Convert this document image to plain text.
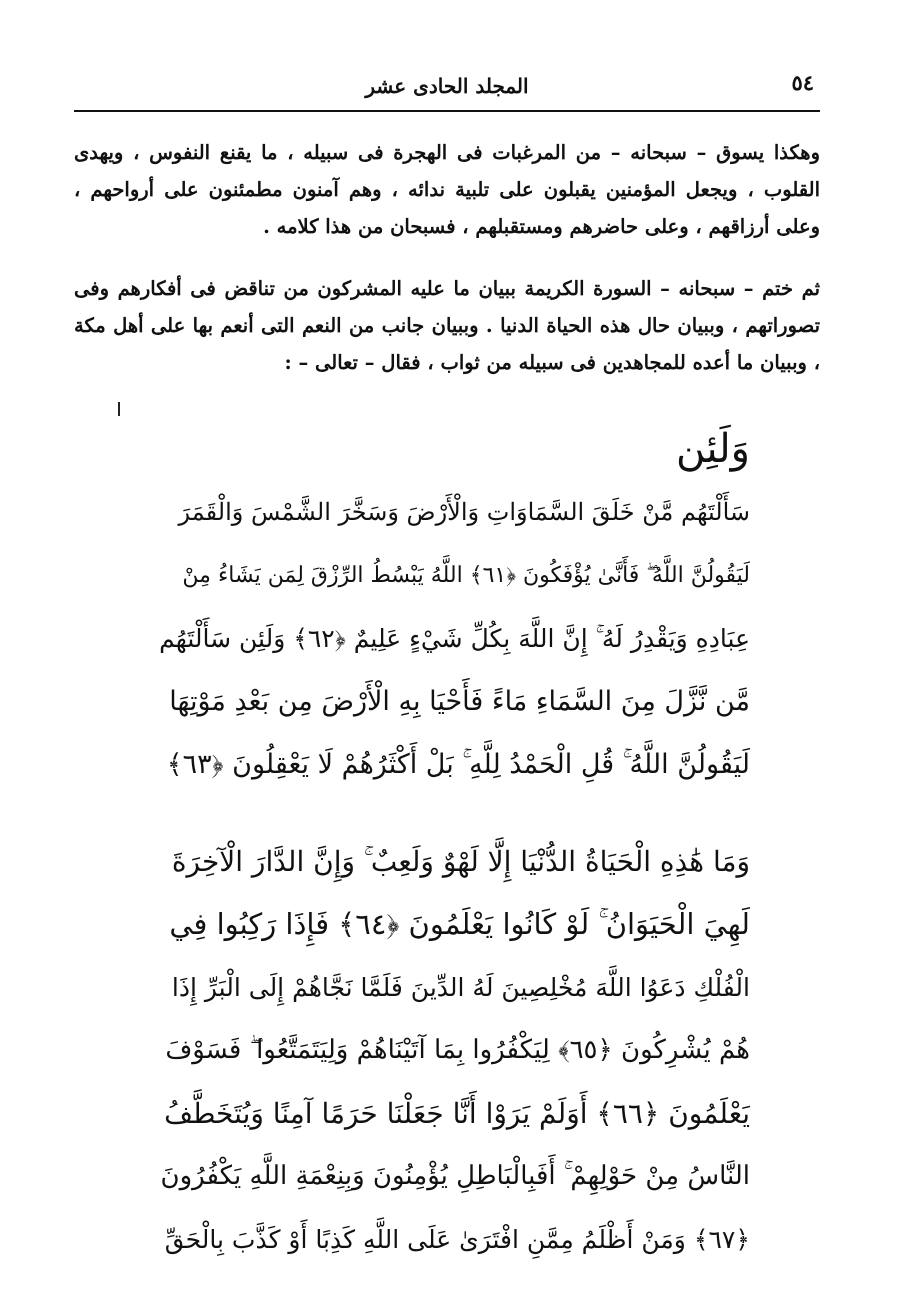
٥٤
المجلد الحادى عشر

وهكذا يسوق – سبحانه – من المرغبات فى الهجرة فى سبيله ، ما يقنع النفوس ، ويهدى القلوب ، ويجعل المؤمنين يقبلون على تلبية ندائه ، وهم آمنون مطمئنون على أرواحهم ، وعلى أرزاقهم ، وعلى حاضرهم ومستقبلهم ، فسبحان من هذا كلامه .

ثم ختم – سبحانه – السورة الكريمة ببيان ما عليه المشركون من تناقض فى أفكارهم وفى تصوراتهم ، وببيان حال هذه الحياة الدنيا . وببيان جانب من النعم التى أنعم بها على أهل مكة ، وببيان ما أعده للمجاهدين فى سبيله من ثواب ، فقال – تعالى – :

وَلَئِن
سَأَلْتَهُم مَّنْ خَلَقَ السَّمَاوَاتِ وَالْأَرْضَ وَسَخَّرَ الشَّمْسَ وَالْقَمَرَ
لَيَقُولُنَّ اللَّهُ ۖ فَأَنَّىٰ يُؤْفَكُونَ ﴿٦١﴾ اللَّهُ يَبْسُطُ الرِّزْقَ لِمَن يَشَاءُ مِنْ
عِبَادِهِ وَيَقْدِرُ لَهُ ۚ إِنَّ اللَّهَ بِكُلِّ شَيْءٍ عَلِيمٌ ﴿٦٢﴾ وَلَئِن سَأَلْتَهُم
مَّن نَّزَّلَ مِنَ السَّمَاءِ مَاءً فَأَحْيَا بِهِ الْأَرْضَ مِن بَعْدِ مَوْتِهَا
لَيَقُولُنَّ اللَّهُ ۚ قُلِ الْحَمْدُ لِلَّهِ ۚ بَلْ أَكْثَرُهُمْ لَا يَعْقِلُونَ ﴿٦٣﴾
وَمَا هَٰذِهِ الْحَيَاةُ الدُّنْيَا إِلَّا لَهْوٌ وَلَعِبٌ ۚ وَإِنَّ الدَّارَ الْآخِرَةَ
لَهِيَ الْحَيَوَانُ ۚ لَوْ كَانُوا يَعْلَمُونَ ﴿٦٤﴾ فَإِذَا رَكِبُوا فِي
الْفُلْكِ دَعَوُا اللَّهَ مُخْلِصِينَ لَهُ الدِّينَ فَلَمَّا نَجَّاهُمْ إِلَى الْبَرِّ إِذَا
هُمْ يُشْرِكُونَ ﴿٦٥﴾ لِيَكْفُرُوا بِمَا آتَيْنَاهُمْ وَلِيَتَمَتَّعُوا ۖ فَسَوْفَ
يَعْلَمُونَ ﴿٦٦﴾ أَوَلَمْ يَرَوْا أَنَّا جَعَلْنَا حَرَمًا آمِنًا وَيُتَخَطَّفُ
النَّاسُ مِنْ حَوْلِهِمْ ۚ أَفَبِالْبَاطِلِ يُؤْمِنُونَ وَبِنِعْمَةِ اللَّهِ يَكْفُرُونَ
﴿٦٧﴾ وَمَنْ أَظْلَمُ مِمَّنِ افْتَرَىٰ عَلَى اللَّهِ كَذِبًا أَوْ كَذَّبَ بِالْحَقِّ
